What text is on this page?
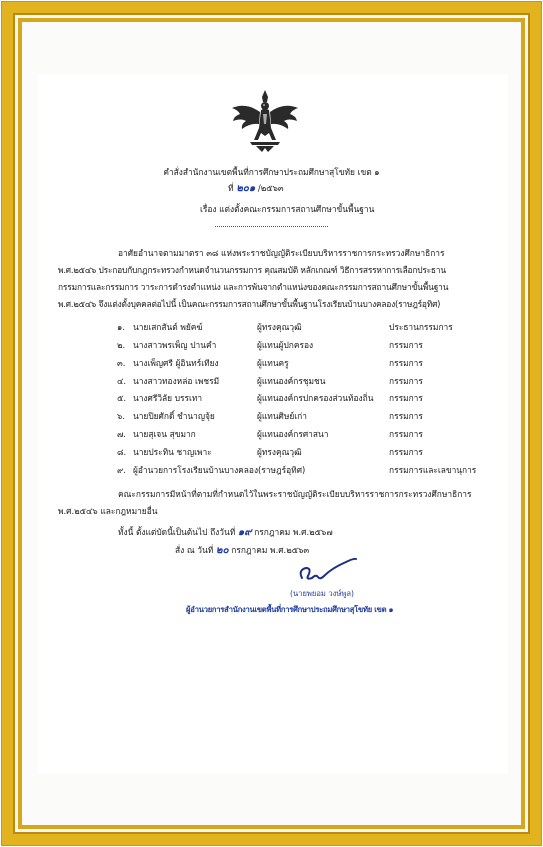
คำสั่งสำนักงานเขตพื้นที่การศึกษาประถมศึกษาสุโขทัย เขต ๑
ที่ ๒๐๑ /๒๕๖๓
เรื่อง แต่งตั้งคณะกรรมการสถานศึกษาขั้นพื้นฐาน
อาศัยอำนาจตามมาตรา ๓๘ แห่งพระราชบัญญัติระเบียบบริหารราชการกระทรวงศึกษาธิการ
พ.ศ.๒๕๔๖ ประกอบกับกฎกระทรวงกำหนดจำนวนกรรมการ คุณสมบัติ หลักเกณฑ์ วิธีการสรรหาการเลือกประธาน
กรรมการและกรรมการ วาระการดำรงตำแหน่ง และการพ้นจากตำแหน่งของคณะกรรมการสถานศึกษาขั้นพื้นฐาน
พ.ศ.๒๕๔๖ จึงแต่งตั้งบุคคลต่อไปนี้ เป็นคณะกรรมการสถานศึกษาขั้นพื้นฐานโรงเรียนบ้านบางคลอง(ราษฎร์อุทิศ)
๑. นายเสกสันต์ พยัคฆ์	ผู้ทรงคุณวุฒิ	ประธานกรรมการ
๒. นางสาวพรเพ็ญ ปานคำ	ผู้แทนผู้ปกครอง	กรรมการ
๓. นางเพ็ญศรี ผู้อินทร์เทียง	ผู้แทนครู	กรรมการ
๔. นางสาวทองหล่อ เพชรมี	ผู้แทนองค์กรชุมชน	กรรมการ
๕. นางศรีวิลัย บรรเทา	ผู้แทนองค์กรปกครองส่วนท้องถิ่น กรรมการ
๖. นายปิยศักดิ์ ชำนาญจุ้ย	ผู้แทนศิษย์เก่า	กรรมการ
๗. นายสุเจน สุขมาก	ผู้แทนองค์กรศาสนา	กรรมการ
๘. นายประทิน ชาญเพาะ	ผู้ทรงคุณวุฒิ	กรรมการ
๙. ผู้อำนวยการโรงเรียนบ้านบางคลอง(ราษฎร์อุทิศ)	กรรมการและเลขานุการ
คณะกรรมการมีหน้าที่ตามที่กำหนดไว้ในพระราชบัญญัติระเบียบบริหารราชการกระทรวงศึกษาธิการ
พ.ศ.๒๕๔๖ และกฎหมายอื่น
ทั้งนี้ ตั้งแต่บัดนี้เป็นต้นไป ถึงวันที่ ๑๙ กรกฎาคม พ.ศ.๒๕๖๗
สั่ง ณ วันที่ ๒๐ กรกฎาคม พ.ศ.๒๕๖๓
(นายพยอม วงษ์พูล)
ผู้อำนวยการสำนักงานเขตพื้นที่การศึกษาประถมศึกษาสุโขทัย เขต ๑
